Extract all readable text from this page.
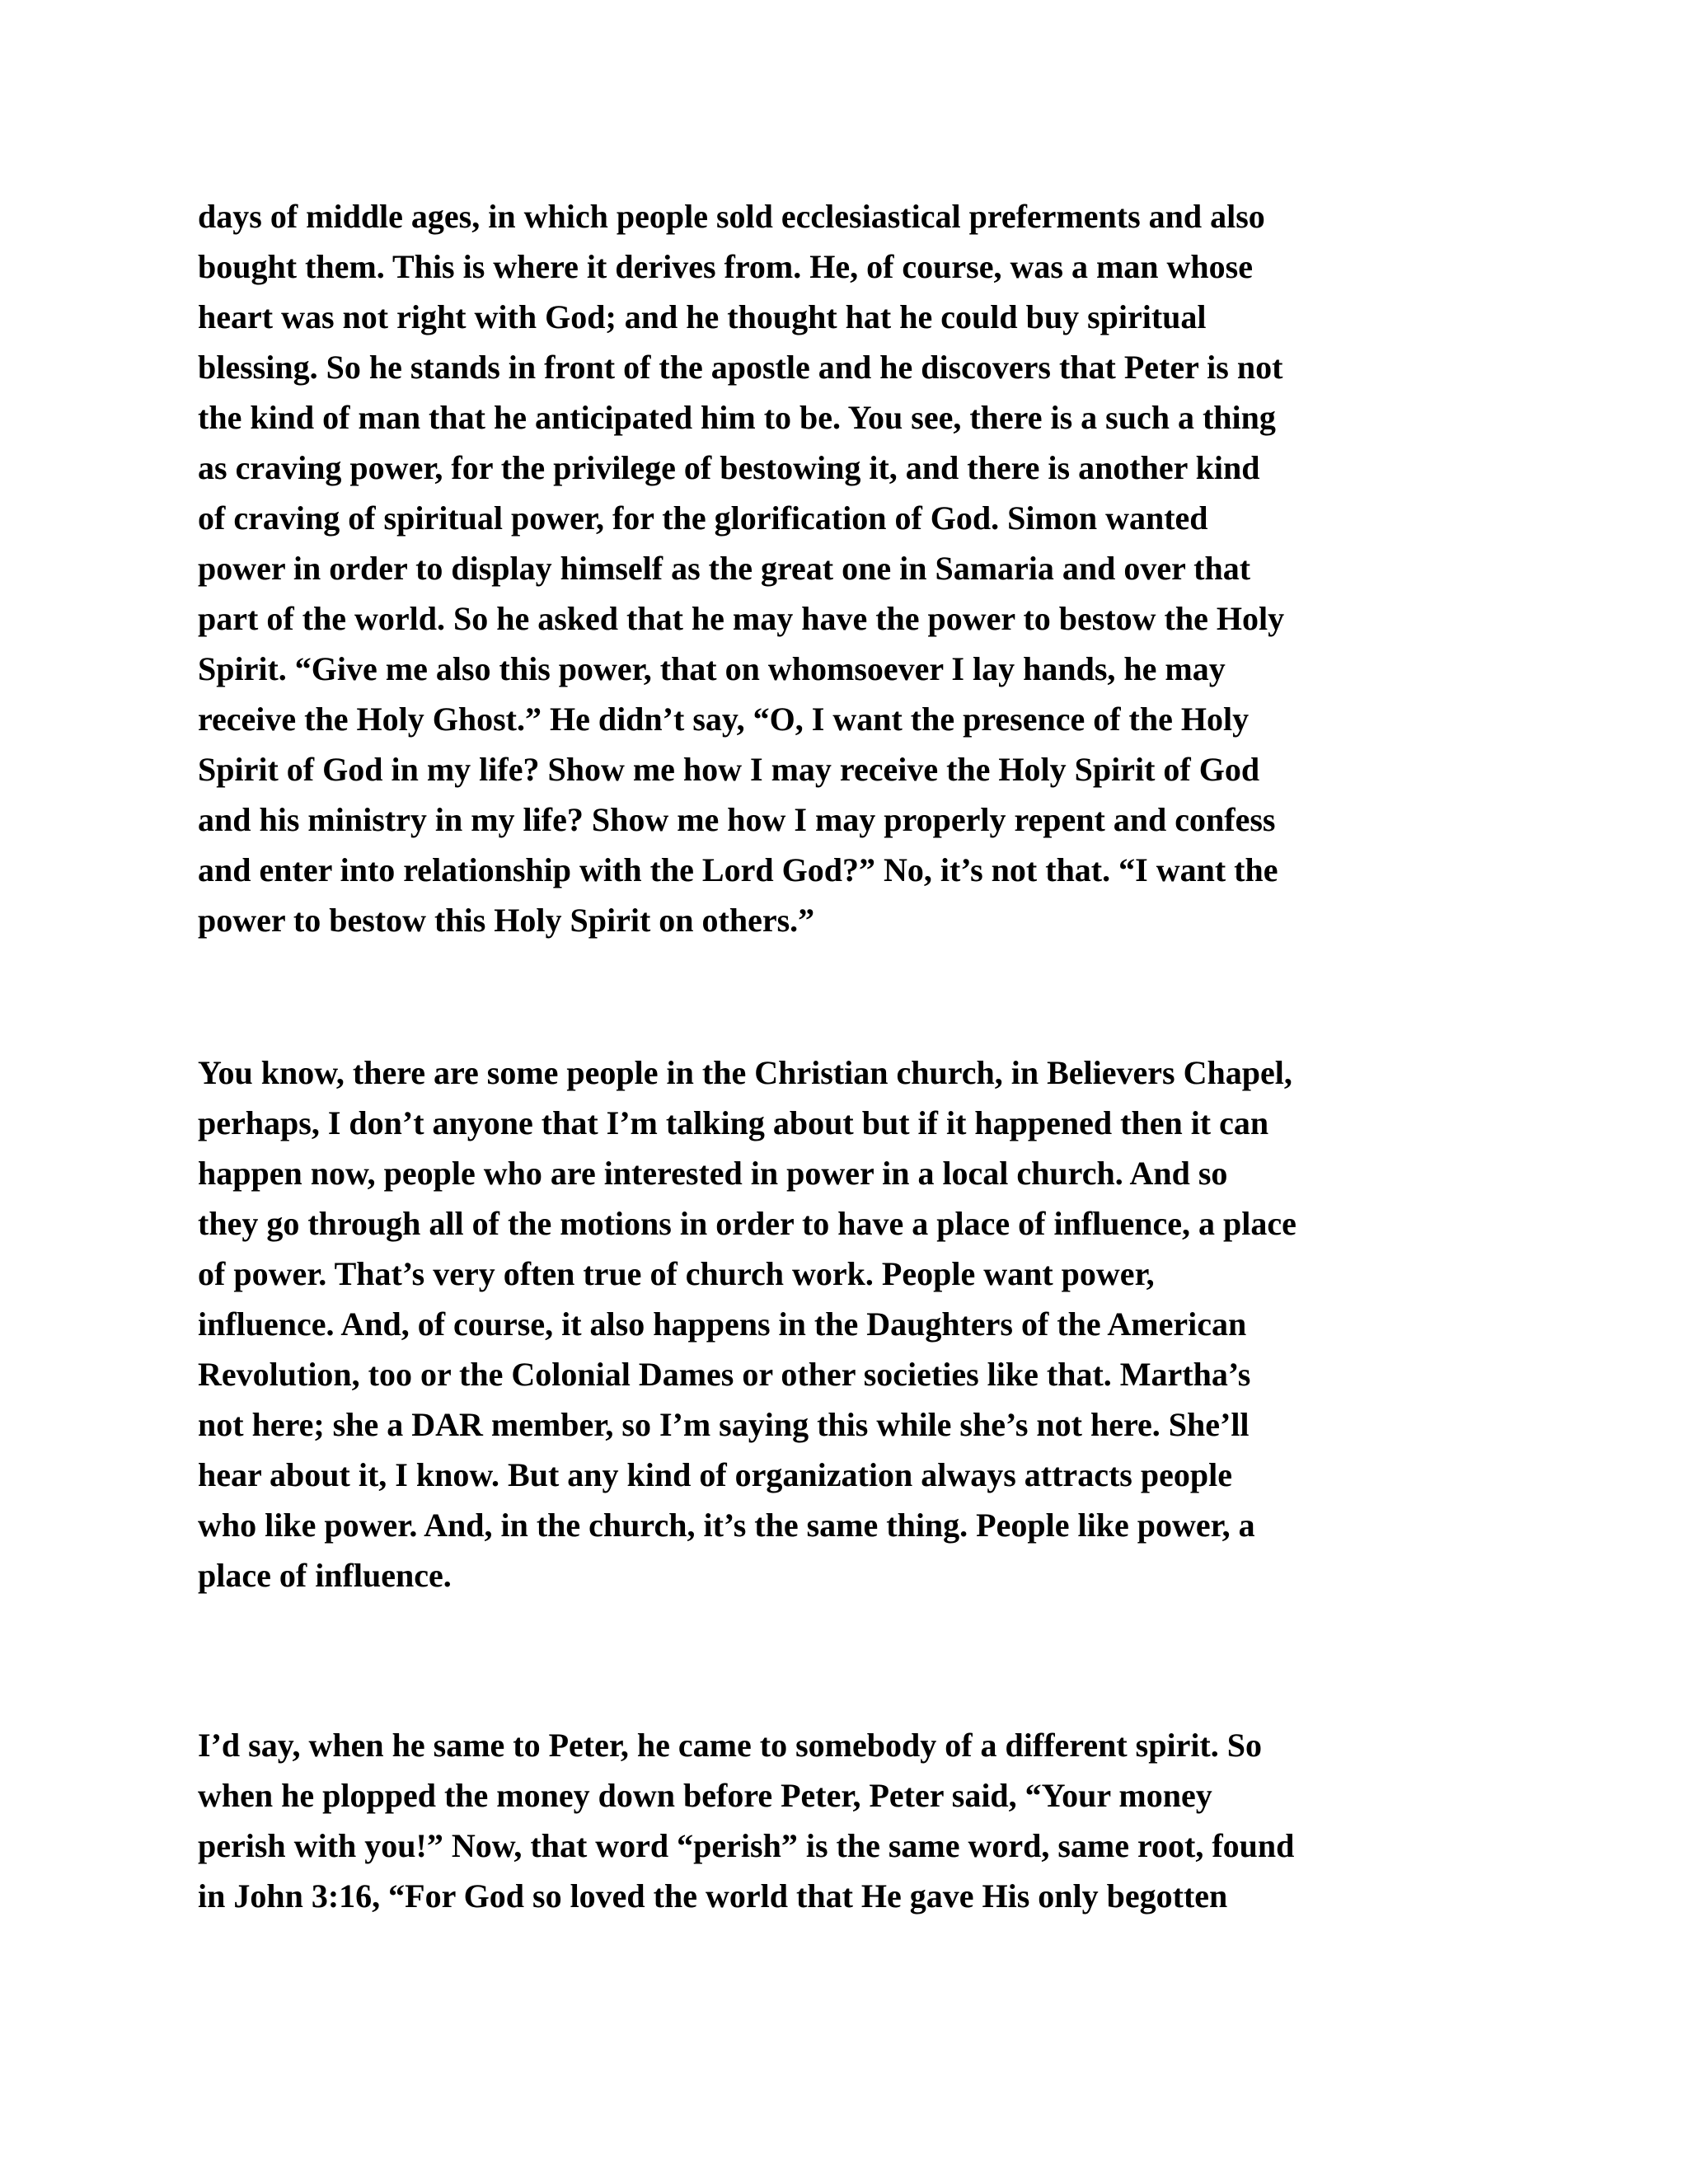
days of middle ages, in which people sold ecclesiastical preferments and also
bought them. This is where it derives from. He, of course, was a man whose
heart was not right with God; and he thought hat he could buy spiritual
blessing. So he stands in front of the apostle and he discovers that Peter is not
the kind of man that he anticipated him to be. You see, there is a such a thing
as craving power, for the privilege of bestowing it, and there is another kind
of craving of spiritual power, for the glorification of God. Simon wanted
power in order to display himself as the great one in Samaria and over that
part of the world. So he asked that he may have the power to bestow the Holy
Spirit. “Give me also this power, that on whomsoever I lay hands, he may
receive the Holy Ghost.” He didn’t say, “O, I want the presence of the Holy
Spirit of God in my life? Show me how I may receive the Holy Spirit of God
and his ministry in my life? Show me how I may properly repent and confess
and enter into relationship with the Lord God?” No, it’s not that. “I want the
power to bestow this Holy Spirit on others.”
You know, there are some people in the Christian church, in Believers Chapel,
perhaps, I don’t anyone that I’m talking about but if it happened then it can
happen now, people who are interested in power in a local church. And so
they go through all of the motions in order to have a place of influence, a place
of power. That’s very often true of church work. People want power,
influence. And, of course, it also happens in the Daughters of the American
Revolution, too or the Colonial Dames or other societies like that. Martha’s
not here; she a DAR member, so I’m saying this while she’s not here. She’ll
hear about it, I know. But any kind of organization always attracts people
who like power. And, in the church, it’s the same thing. People like power, a
place of influence.
I’d say, when he same to Peter, he came to somebody of a different spirit. So
when he plopped the money down before Peter, Peter said, “Your money
perish with you!” Now, that word “perish” is the same word, same root, found
in John 3:16, “For God so loved the world that He gave His only begotten
